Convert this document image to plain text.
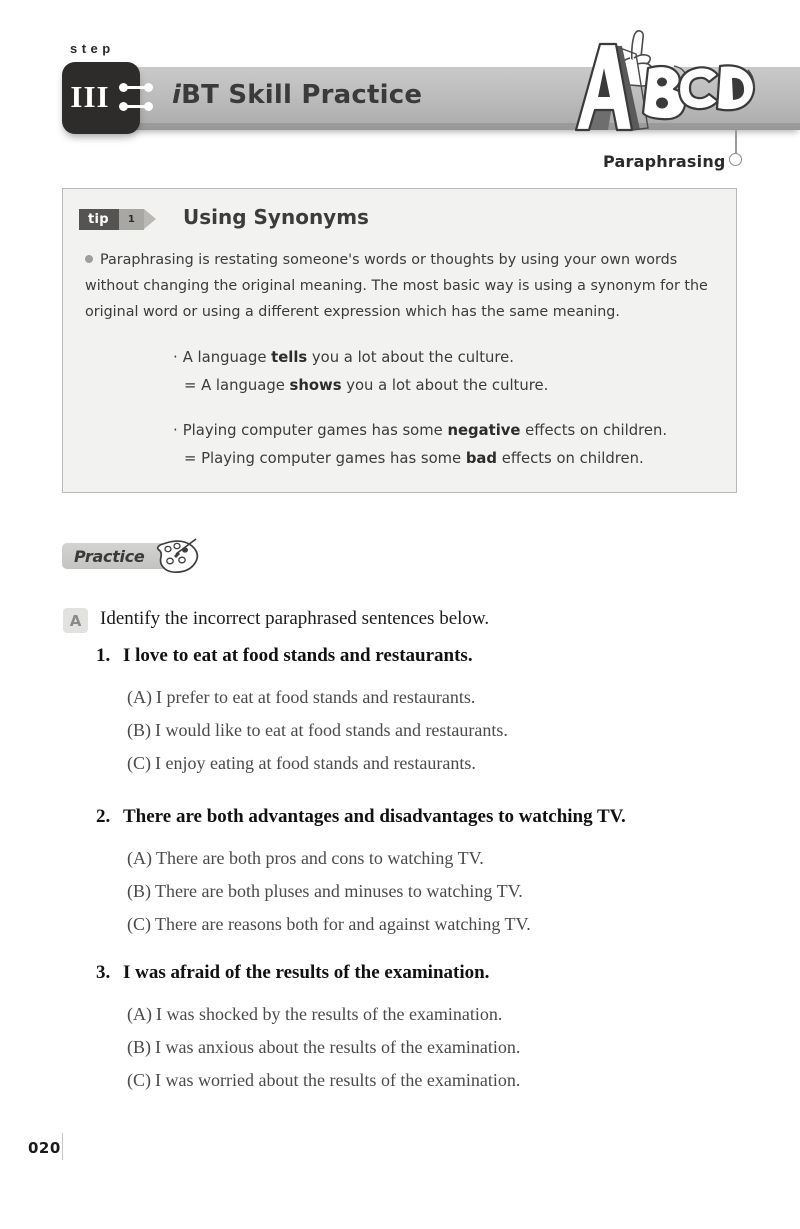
step
iBT Skill Practice
III
Paraphrasing
tip	1	Using Synonyms
Paraphrasing is restating someone's words or thoughts by using your own words without changing the original meaning. The most basic way is using a synonym for the original word or using a different expression which has the same meaning.
· A language tells you a lot about the culture.
= A language shows you a lot about the culture.
· Playing computer games has some negative effects on children.
= Playing computer games has some bad effects on children.
Practice
A Identify the incorrect paraphrased sentences below.
1. I love to eat at food stands and restaurants.
(A) I prefer to eat at food stands and restaurants.
(B) I would like to eat at food stands and restaurants.
(C) I enjoy eating at food stands and restaurants.
2. There are both advantages and disadvantages to watching TV.
(A) There are both pros and cons to watching TV.
(B) There are both pluses and minuses to watching TV.
(C) There are reasons both for and against watching TV.
3. I was afraid of the results of the examination.
(A) I was shocked by the results of the examination.
(B) I was anxious about the results of the examination.
(C) I was worried about the results of the examination.
020
